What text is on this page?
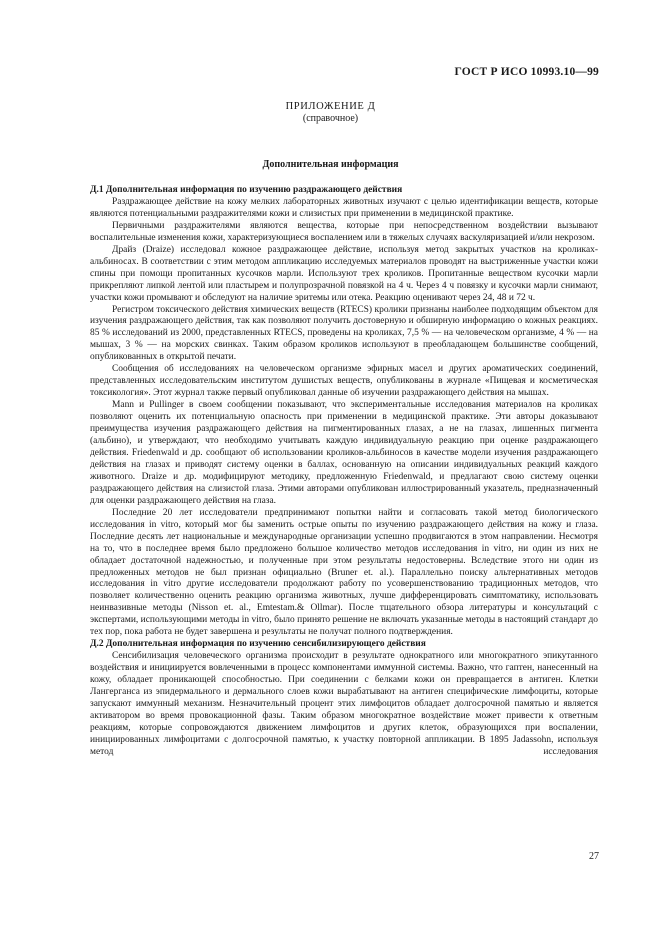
ГОСТ Р ИСО 10993.10—99
ПРИЛОЖЕНИЕ Д
(справочное)
Дополнительная информация
Д.1 Дополнительная информация по изучению раздражающего действия

Раздражающее действие на кожу мелких лабораторных животных изучают с целью идентификации веществ, которые являются потенциальными раздражителями кожи и слизистых при применении в медицинской практике.

Первичными раздражителями являются вещества, которые при непосредственном воздействии вызывают воспалительные изменения кожи, характеризующиеся воспалением или в тяжелых случаях васкуляризацией и/или некрозом.

Драйз (Draize) исследовал кожное раздражающее действие, используя метод закрытых участков на кроликах-альбиносах. В соответствии с этим методом аппликацию исследуемых материалов проводят на выстриженные участки кожи спины при помощи пропитанных кусочков марли. Используют трех кроликов. Пропитанные веществом кусочки марли прикрепляют липкой лентой или пластырем и полупрозрачной повязкой на 4 ч. Через 4 ч повязку и кусочки марли снимают, участки кожи промывают и обследуют на наличие эритемы или отека. Реакцию оценивают через 24, 48 и 72 ч.

Регистром токсического действия химических веществ (RTECS) кролики признаны наиболее подходящим объектом для изучения раздражающего действия, так как позволяют получить достоверную и обширную информацию о кожных реакциях. 85 % исследований из 2000, представленных RTECS, проведены на кроликах, 7,5 % — на человеческом организме, 4 % — на мышах, 3 % — на морских свинках. Таким образом кроликов используют в преобладающем большинстве сообщений, опубликованных в открытой печати.

Сообщения об исследованиях на человеческом организме эфирных масел и других ароматических соединений, представленных исследовательским институтом душистых веществ, опубликованы в журнале «Пищевая и косметическая токсикология». Этот журнал также первый опубликовал данные об изучении раздражающего действия на мышах.

Mann и Pullinger в своем сообщении показывают, что экспериментальные исследования материалов на кроликах позволяют оценить их потенциальную опасность при применении в медицинской практике. Эти авторы доказывают преимущества изучения раздражающего действия на пигментированных глазах, а не на глазах, лишенных пигмента (альбино), и утверждают, что необходимо учитывать каждую индивидуальную реакцию при оценке раздражающего действия. Friedenwald и др. сообщают об использовании кроликов-альбиносов в качестве модели изучения раздражающего действия на глазах и приводят систему оценки в баллах, основанную на описании индивидуальных реакций каждого животного. Draize и др. модифицируют методику, предложенную Friedenwald, и предлагают свою систему оценки раздражающего действия на слизистой глаза. Этими авторами опубликован иллюстрированный указатель, предназначенный для оценки раздражающего действия на глаза.

Последние 20 лет исследователи предпринимают попытки найти и согласовать такой метод биологического исследования in vitro, который мог бы заменить острые опыты по изучению раздражающего действия на кожу и глаза. Последние десять лет национальные и международные организации успешно продвигаются в этом направлении. Несмотря на то, что в последнее время было предложено большое количество методов исследования in vitro, ни один из них не обладает достаточной надежностью, и полученные при этом результаты недостоверны. Вследствие этого ни один из предложенных методов не был признан официально (Bruner et. al.). Параллельно поиску альтернативных методов исследования in vitro другие исследователи продолжают работу по усовершенствованию традиционных методов, что позволяет количественно оценить реакцию организма животных, лучше дифференцировать симптоматику, использовать неинвазивные методы (Nisson et. al., Emtestam.& Ollmar). После тщательного обзора литературы и консультаций с экспертами, использующими методы in vitro, было принято решение не включать указанные методы в настоящий стандарт до тех пор, пока работа не будет завершена и результаты не получат полного подтверждения.

Д.2 Дополнительная информация по изучению сенсибилизирующего действия

Сенсибилизация человеческого организма происходит в результате однократного или многократного эпикутанного воздействия и инициируется вовлеченными в процесс компонентами иммунной системы. Важно, что гаптен, нанесенный на кожу, обладает проникающей способностью. При соединении с белками кожи он превращается в антиген. Клетки Лангерганса из эпидермального и дермального слоев кожи вырабатывают на антиген специфические лимфоциты, которые запускают иммунный механизм. Незначительный процент этих лимфоцитов обладает долгосрочной памятью и является активатором во время провокационной фазы. Таким образом многократное воздействие может привести к ответным реакциям, которые сопровождаются движением лимфоцитов и других клеток, образующихся при воспалении, инициированных лимфоцитами с долгосрочной памятью, к участку повторной аппликации. В 1895 Jadassohn, используя метод исследования

27
